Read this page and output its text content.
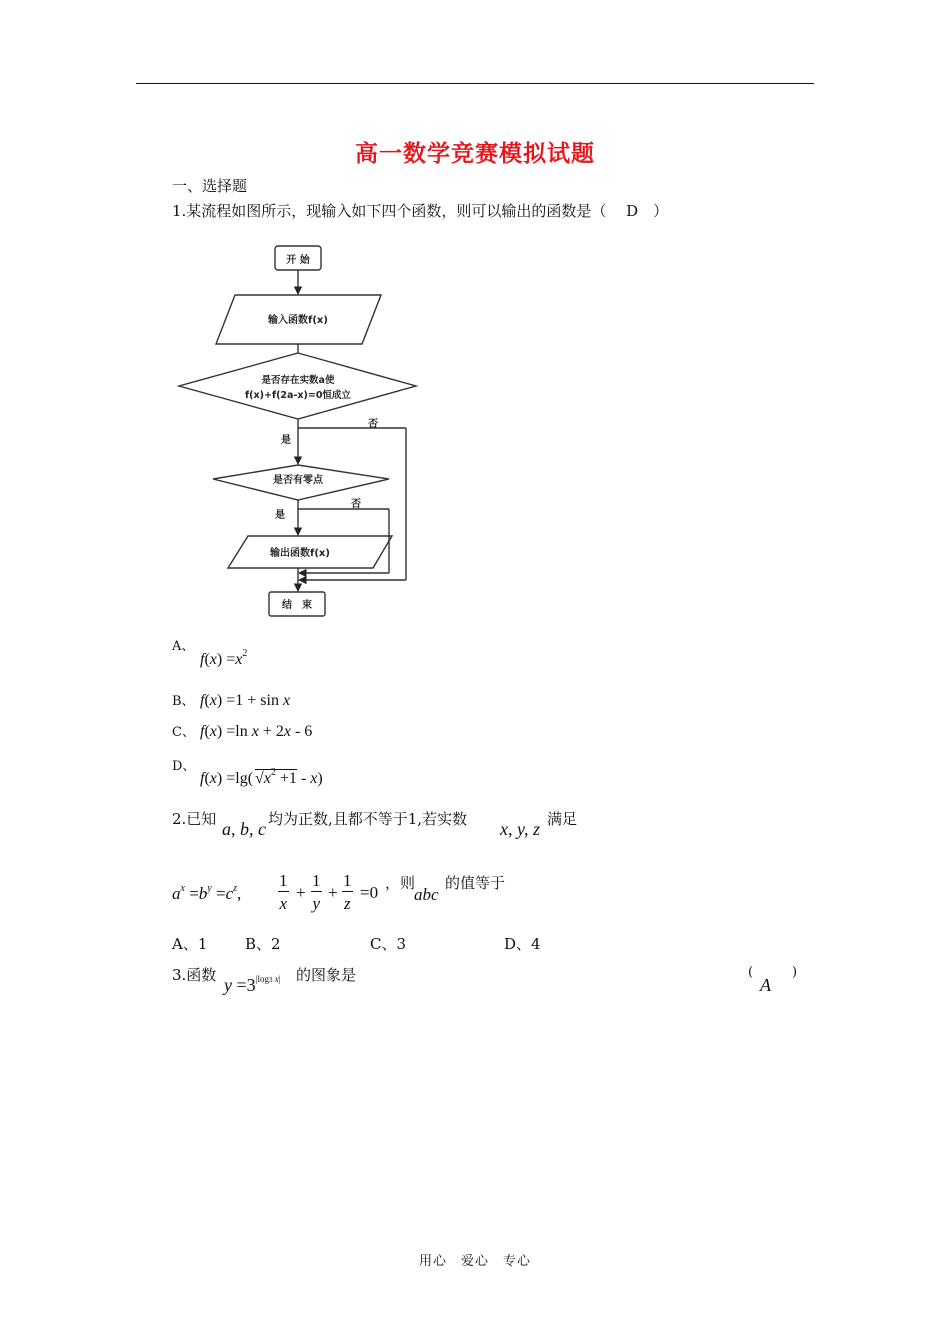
高一数学竞赛模拟试题
一、选择题
1.某流程如图所示，现输入如下四个函数，则可以输出的函数是（　 D　）
开 始
输入函数f(x)
是否存在实数a使
f(x)+f(2a-x)=0恒成立
否
是
是否有零点
否
是
输出函数f(x)
结　束
A、
$f(x) =x^2$
B、 f(x) =1 + sin x
C、 f(x) =ln x + 2x - 6
D、
f(x) =lg( $√x^2 +1 - x$)
2.已知 a, b, c 均为正数,且都不等于1,若实数 x, y, z 满足
$a^x =b^y =c^z$,
1
x
+
1
y
+
1
z
=0 ，则
abc
的值等于
A、1	B、2	C、3	D、4
3.函数 $y =3^{|log3 x|}$ 的图象是	(
A
)
用心　爱心　专心
